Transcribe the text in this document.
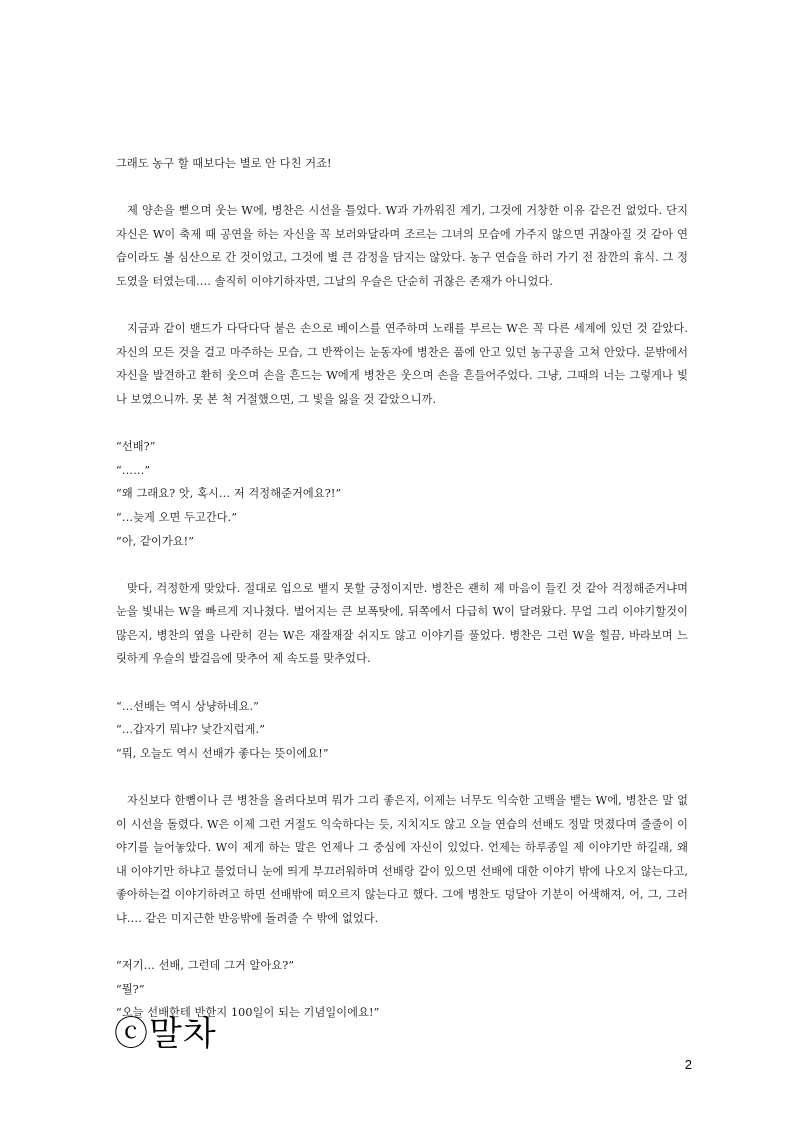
그래도 농구 할 때보다는 별로 안 다친 거죠!

제 양손을 뻗으며 웃는 W에, 병찬은 시선을 틀었다. W과 가까워진 계기, 그것에 거창한 이유 같은건 없었다. 단지 자신은 W이 축제 때 공연을 하는 자신을 꼭 보러와달라며 조르는 그녀의 모습에 가주지 않으면 귀찮아질 것 같아 연습이라도 볼 심산으로 간 것이었고, 그것에 별 큰 감정을 담지는 않았다. 농구 연습을 하러 가기 전 잠깐의 휴식. 그 정도였을 터였는데…. 솔직히 이야기하자면, 그날의 우슬은 단순히 귀찮은 존재가 아니었다.

지금과 같이 밴드가 다닥다닥 붙은 손으로 베이스를 연주하며 노래를 부르는 W은 꼭 다른 세계에 있던 것 같았다. 자신의 모든 것을 걸고 마주하는 모습, 그 반짝이는 눈동자에 병찬은 품에 안고 있던 농구공을 고쳐 안았다. 문밖에서 자신을 발견하고 환히 웃으며 손을 흔드는 W에게 병찬은 웃으며 손을 흔들어주었다. 그냥, 그때의 너는 그렇게나 빛나 보였으니까. 못 본 척 거절했으면, 그 빛을 잃을 것 같았으니까.

“선배?”

“……”

“왜 그래요? 앗, 혹시… 저 걱정해준거에요?!”

“…늦게 오면 두고간다.”

“아, 같이가요!”

맞다, 걱정한게 맞았다. 절대로 입으로 뱉지 못할 긍정이지만. 병찬은 괜히 제 마음이 들킨 것 같아 걱정해준거냐며 눈을 빛내는 W을 빠르게 지나쳤다. 벌어지는 큰 보폭탓에, 뒤쪽에서 다급히 W이 달려왔다. 무얼 그리 이야기할것이 많은지, 병찬의 옆을 나란히 걷는 W은 재잘재잘 쉬지도 않고 이야기를 풀었다. 병찬은 그런 W을 힐끔, 바라보며 느릿하게 우슬의 발걸음에 맞추어 제 속도를 맞추었다.

“…선배는 역시 상냥하네요.”

“…갑자기 뭐냐? 낯간지럽게.”

“뭐, 오늘도 역시 선배가 좋다는 뜻이에요!”

자신보다 한뼘이나 큰 병찬을 올려다보며 뭐가 그리 좋은지, 이제는 너무도 익숙한 고백을 뱉는 W에, 병찬은 말 없이 시선을 돌렸다. W은 이제 그런 거절도 익숙하다는 듯, 지치지도 않고 오늘 연습의 선배도 정말 멋졌다며 줄줄이 이야기를 늘어놓았다. W이 제게 하는 말은 언제나 그 중심에 자신이 있었다. 언제는 하루종일 제 이야기만 하길래, 왜 내 이야기만 하냐고 물었더니 눈에 띄게 부끄러워하며 선배랑 같이 있으면 선배에 대한 이야기 밖에 나오지 않는다고, 좋아하는걸 이야기하려고 하면 선배밖에 떠오르지 않는다고 했다. 그에 병찬도 덩달아 기분이 어색해져, 어, 그, 그러냐…. 같은 미지근한 반응밖에 돌려줄 수 밖에 없었다.

“저기… 선배, 그런데 그거 알아요?”

“뭘?”

“오늘 선배한테 반한지 100일이 되는 기념일이에요!”

ⓒ말차
2
